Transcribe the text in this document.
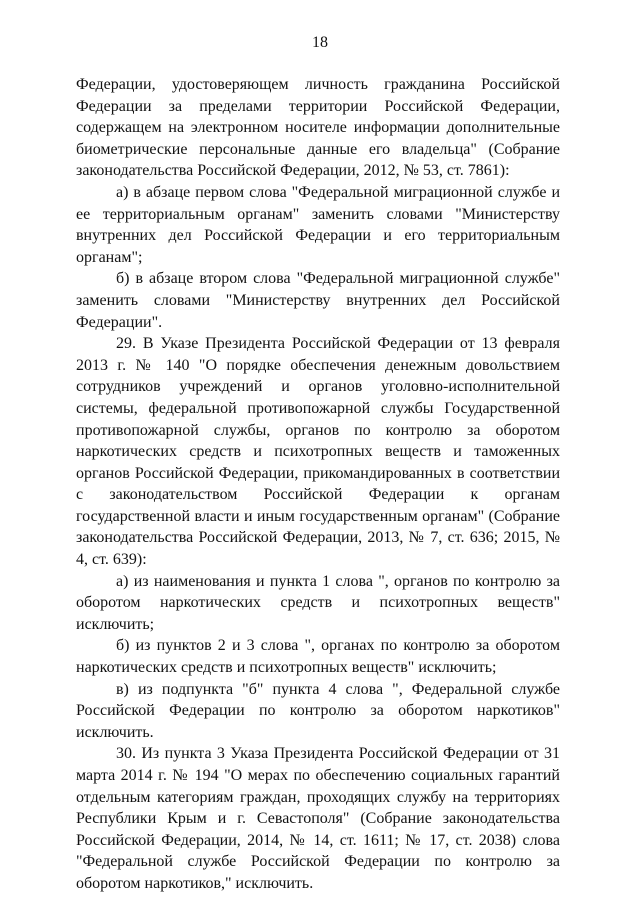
18

Федерации, удостоверяющем личность гражданина Российской Федерации за пределами территории Российской Федерации, содержащем на электронном носителе информации дополнительные биометрические персональные данные его владельца" (Собрание законодательства Российской Федерации, 2012, № 53, ст. 7861):

а) в абзаце первом слова "Федеральной миграционной службе и ее территориальным органам" заменить словами "Министерству внутренних дел Российской Федерации и его территориальным органам";

б) в абзаце втором слова "Федеральной миграционной службе" заменить словами "Министерству внутренних дел Российской Федерации".

29. В Указе Президента Российской Федерации от 13 февраля 2013 г. № 140 "О порядке обеспечения денежным довольствием сотрудников учреждений и органов уголовно-исполнительной системы, федеральной противопожарной службы Государственной противопожарной службы, органов по контролю за оборотом наркотических средств и психотропных веществ и таможенных органов Российской Федерации, прикомандированных в соответствии с законодательством Российской Федерации к органам государственной власти и иным государственным органам" (Собрание законодательства Российской Федерации, 2013, № 7, ст. 636; 2015, № 4, ст. 639):

а) из наименования и пункта 1 слова ", органов по контролю за оборотом наркотических средств и психотропных веществ" исключить;

б) из пунктов 2 и 3 слова ", органах по контролю за оборотом наркотических средств и психотропных веществ" исключить;

в) из подпункта "б" пункта 4 слова ", Федеральной службе Российской Федерации по контролю за оборотом наркотиков" исключить.

30. Из пункта 3 Указа Президента Российской Федерации от 31 марта 2014 г. № 194 "О мерах по обеспечению социальных гарантий отдельным категориям граждан, проходящих службу на территориях Республики Крым и г. Севастополя" (Собрание законодательства Российской Федерации, 2014, № 14, ст. 1611; № 17, ст. 2038) слова "Федеральной службе Российской Федерации по контролю за оборотом наркотиков," исключить.
